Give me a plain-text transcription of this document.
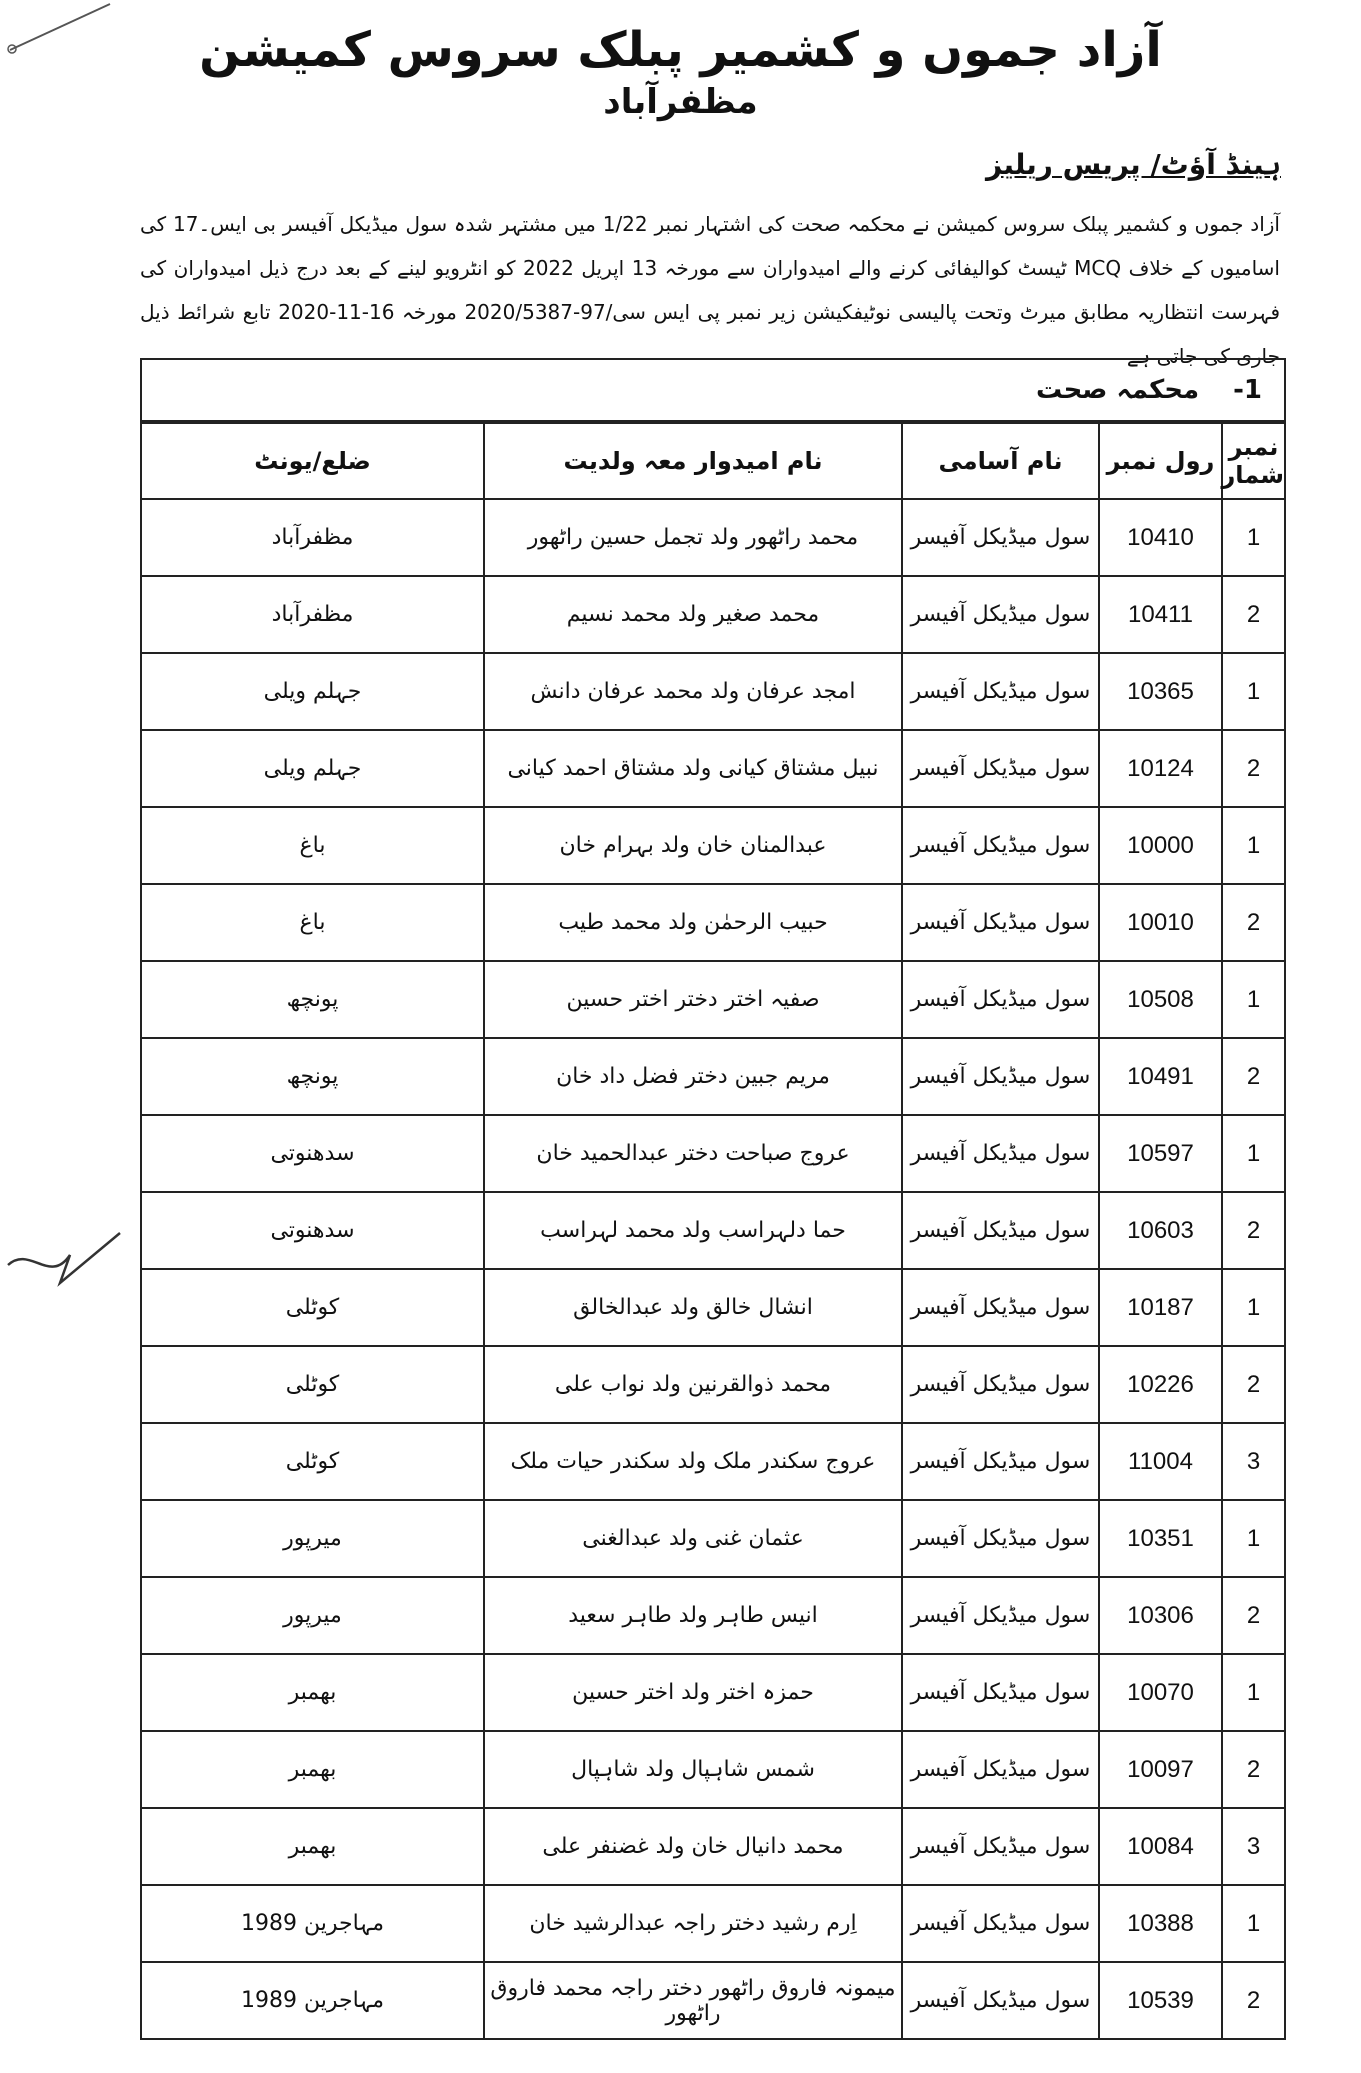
آزاد جموں و کشمیر پبلک سروس کمیشن
مظفرآباد
ہینڈ آؤٹ/ پریس ریلیز
آزاد جموں و کشمیر پبلک سروس کمیشن نے محکمہ صحت کی اشتہار نمبر 1/22 میں مشتہر شدہ سول میڈیکل آفیسر بی ایس۔17 کی اسامیوں کے خلاف MCQ ٹیسٹ کوالیفائی کرنے والے امیدواران سے مورخہ 13 اپریل 2022 کو انٹرویو لینے کے بعد درج ذیل امیدواران کی فہرست انتظاریہ مطابق میرٹ وتحت پالیسی نوٹیفکیشن زیر نمبر پی ایس سی/97-2020/5387 مورخہ 16-11-2020 تابع شرائط ذیل جاری کی جاتی ہے
1-
محکمہ صحت
نمبر شمار	رول نمبر	نام آسامی	نام امیدوار معہ ولدیت	ضلع/یونٹ
1	10410	سول میڈیکل آفیسر	محمد راٹھور ولد تجمل حسین راٹھور	مظفرآباد
2	10411	سول میڈیکل آفیسر	محمد صغیر ولد محمد نسیم	مظفرآباد
1	10365	سول میڈیکل آفیسر	امجد عرفان ولد محمد عرفان دانش	جہلم ویلی
2	10124	سول میڈیکل آفیسر	نبیل مشتاق کیانی ولد مشتاق احمد کیانی	جہلم ویلی
1	10000	سول میڈیکل آفیسر	عبدالمنان خان ولد بہرام خان	باغ
2	10010	سول میڈیکل آفیسر	حبیب الرحمٰن ولد محمد طیب	باغ
1	10508	سول میڈیکل آفیسر	صفیہ اختر دختر اختر حسین	پونچھ
2	10491	سول میڈیکل آفیسر	مریم جبین دختر فضل داد خان	پونچھ
1	10597	سول میڈیکل آفیسر	عروج صباحت دختر عبدالحمید خان	سدھنوتی
2	10603	سول میڈیکل آفیسر	حما دلہراسب ولد محمد لہراسب	سدھنوتی
1	10187	سول میڈیکل آفیسر	انشال خالق ولد عبدالخالق	کوٹلی
2	10226	سول میڈیکل آفیسر	محمد ذوالقرنین ولد نواب علی	کوٹلی
3	11004	سول میڈیکل آفیسر	عروج سکندر ملک ولد سکندر حیات ملک	کوٹلی
1	10351	سول میڈیکل آفیسر	عثمان غنی ولد عبدالغنی	میرپور
2	10306	سول میڈیکل آفیسر	انیس طاہر ولد طاہر سعید	میرپور
1	10070	سول میڈیکل آفیسر	حمزہ اختر ولد اختر حسین	بھمبر
2	10097	سول میڈیکل آفیسر	شمس شاہپال ولد شاہپال	بھمبر
3	10084	سول میڈیکل آفیسر	محمد دانیال خان ولد غضنفر علی	بھمبر
1	10388	سول میڈیکل آفیسر	اِرم رشید دختر راجہ عبدالرشید خان	مہاجرین 1989
2	10539	سول میڈیکل آفیسر	میمونہ فاروق راٹھور دختر راجہ محمد فاروق راٹھور	مہاجرین 1989
